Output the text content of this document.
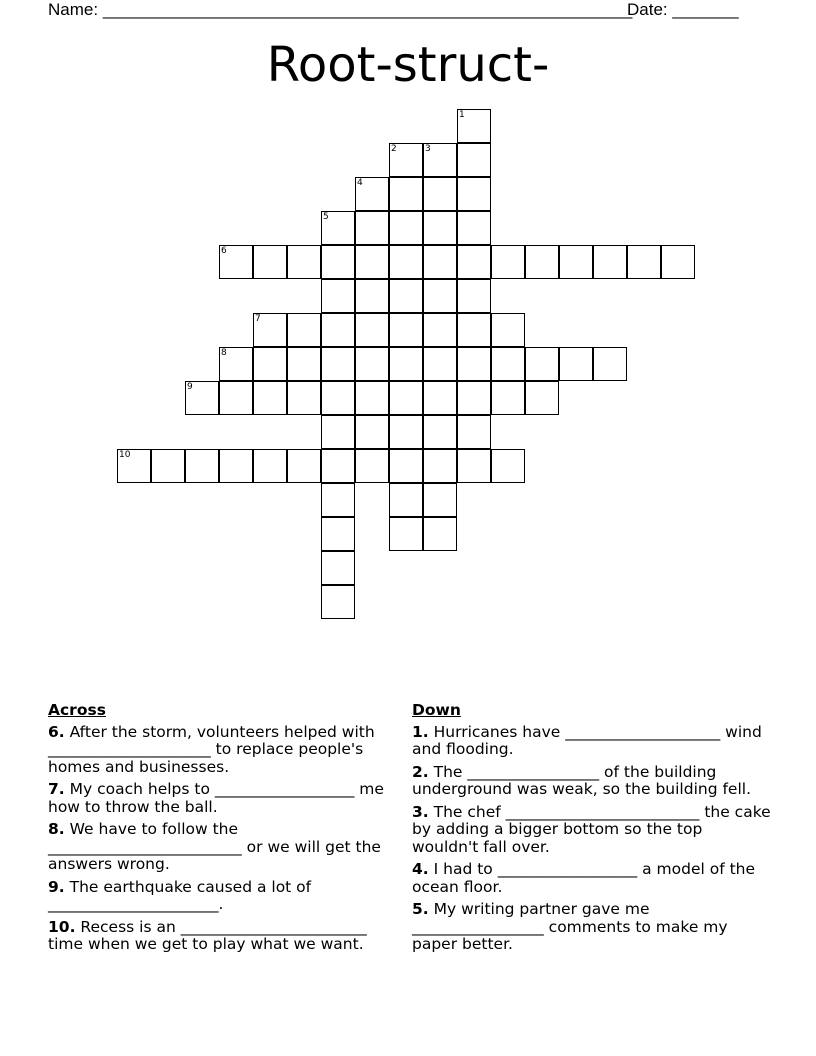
Name: ________________________________________________________
Date: _______
Root-struct-
1
2	3
4
5
6
7
8
9
10
Across
6. After the storm, volunteers helped with _____________________ to replace people's homes and businesses.
7. My coach helps to __________________ me how to throw the ball.
8. We have to follow the _________________________ or we will get the answers wrong.
9. The earthquake caused a lot of ______________________.
10. Recess is an ________________________ time when we get to play what we want.
Down
1. Hurricanes have ____________________ wind and flooding.
2. The _________________ of the building underground was weak, so the building fell.
3. The chef _________________________ the cake by adding a bigger bottom so the top wouldn't fall over.
4. I had to __________________ a model of the ocean floor.
5. My writing partner gave me _________________ comments to make my paper better.
